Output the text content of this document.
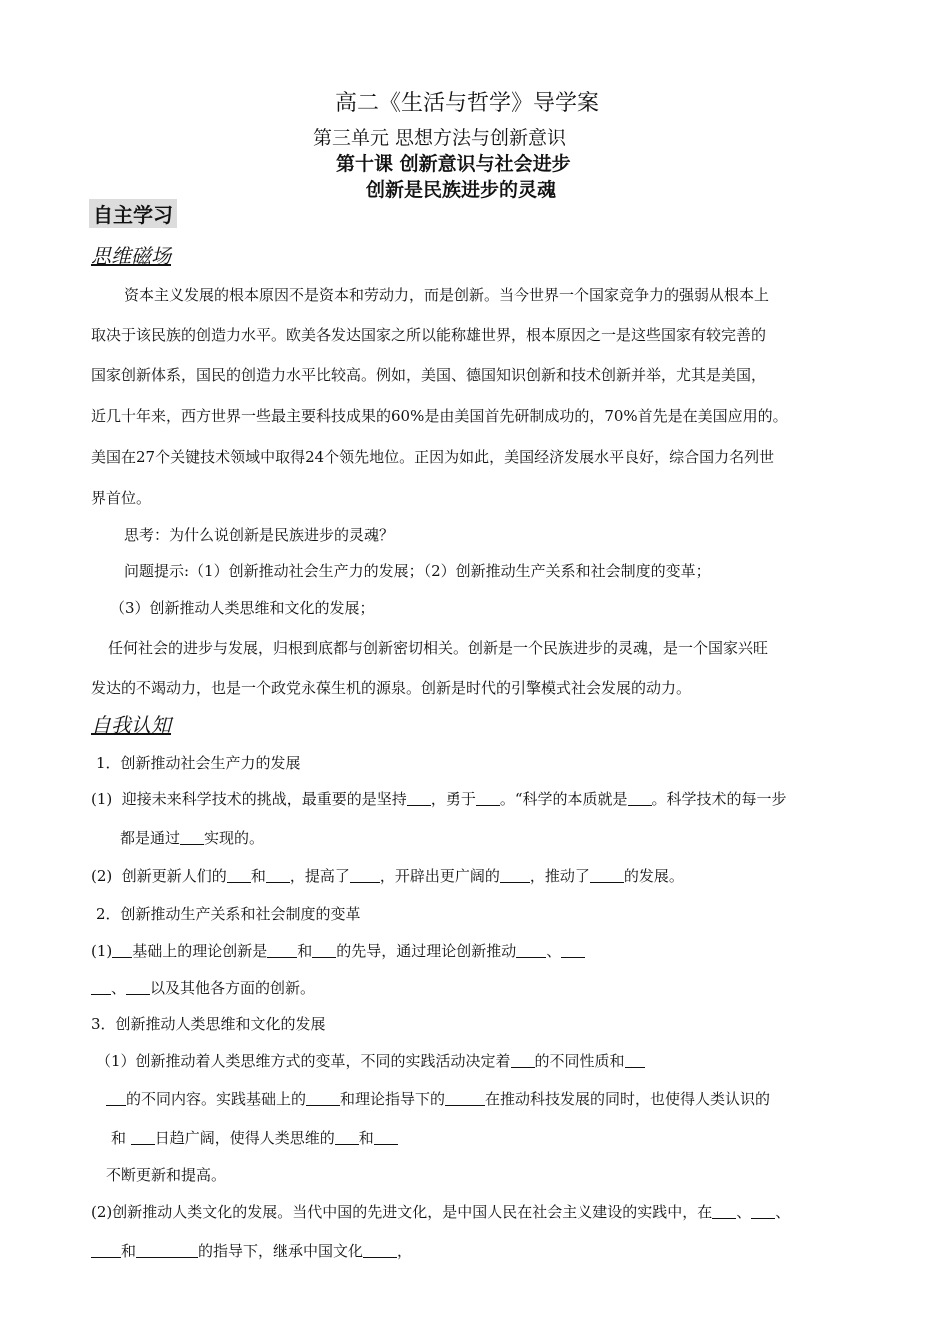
高二《生活与哲学》导学案
第三单元 思想方法与创新意识
第十课 创新意识与社会进步
创新是民族进步的灵魂
自主学习
思维磁场
资本主义发展的根本原因不是资本和劳动力，而是创新。当今世界一个国家竞争力的强弱从根本上
取决于该民族的创造力水平。欧美各发达国家之所以能称雄世界，根本原因之一是这些国家有较完善的
国家创新体系，国民的创造力水平比较高。例如，美国、德国知识创新和技术创新并举，尤其是美国，
近几十年来，西方世界一些最主要科技成果的60%是由美国首先研制成功的，70%首先是在美国应用的。
美国在27个关键技术领域中取得24个领先地位。正因为如此，美国经济发展水平良好，综合国力名列世
界首位。
思考：为什么说创新是民族进步的灵魂？
问题提示:（1）创新推动社会生产力的发展；（2）创新推动生产关系和社会制度的变革；
（3）创新推动人类思维和文化的发展；
任何社会的进步与发展，归根到底都与创新密切相关。创新是一个民族进步的灵魂，是一个国家兴旺
发达的不竭动力，也是一个政党永葆生机的源泉。创新是时代的引擎模式社会发展的动力。
自我认知
1．创新推动社会生产力的发展
(1) 迎接未来科学技术的挑战，最重要的是坚持 ，勇于 。“科学的本质就是 。科学技术的每一步
都是通过 实现的。
(2) 创新更新人们的 和 ，提高了 ，开辟出更广阔的 ，推动了 的发展。
2．创新推动生产关系和社会制度的变革
(1) 基础上的理论创新是 和 的先导，通过理论创新推动 、
、 以及其他各方面的创新。
3．创新推动人类思维和文化的发展
（1）创新推动着人类思维方式的变革，不同的实践活动决定着 的不同性质和
的不同内容。实践基础上的 和理论指导下的	在推动科技发展的同时，也使得人类认识的
和 日趋广阔，使得人类思维的 和
不断更新和提高。
(2)创新推动人类文化的发展。当代中国的先进文化，是中国人民在社会主义建设的实践中，在 、 、
和	的指导下，继承中国文化 ，
